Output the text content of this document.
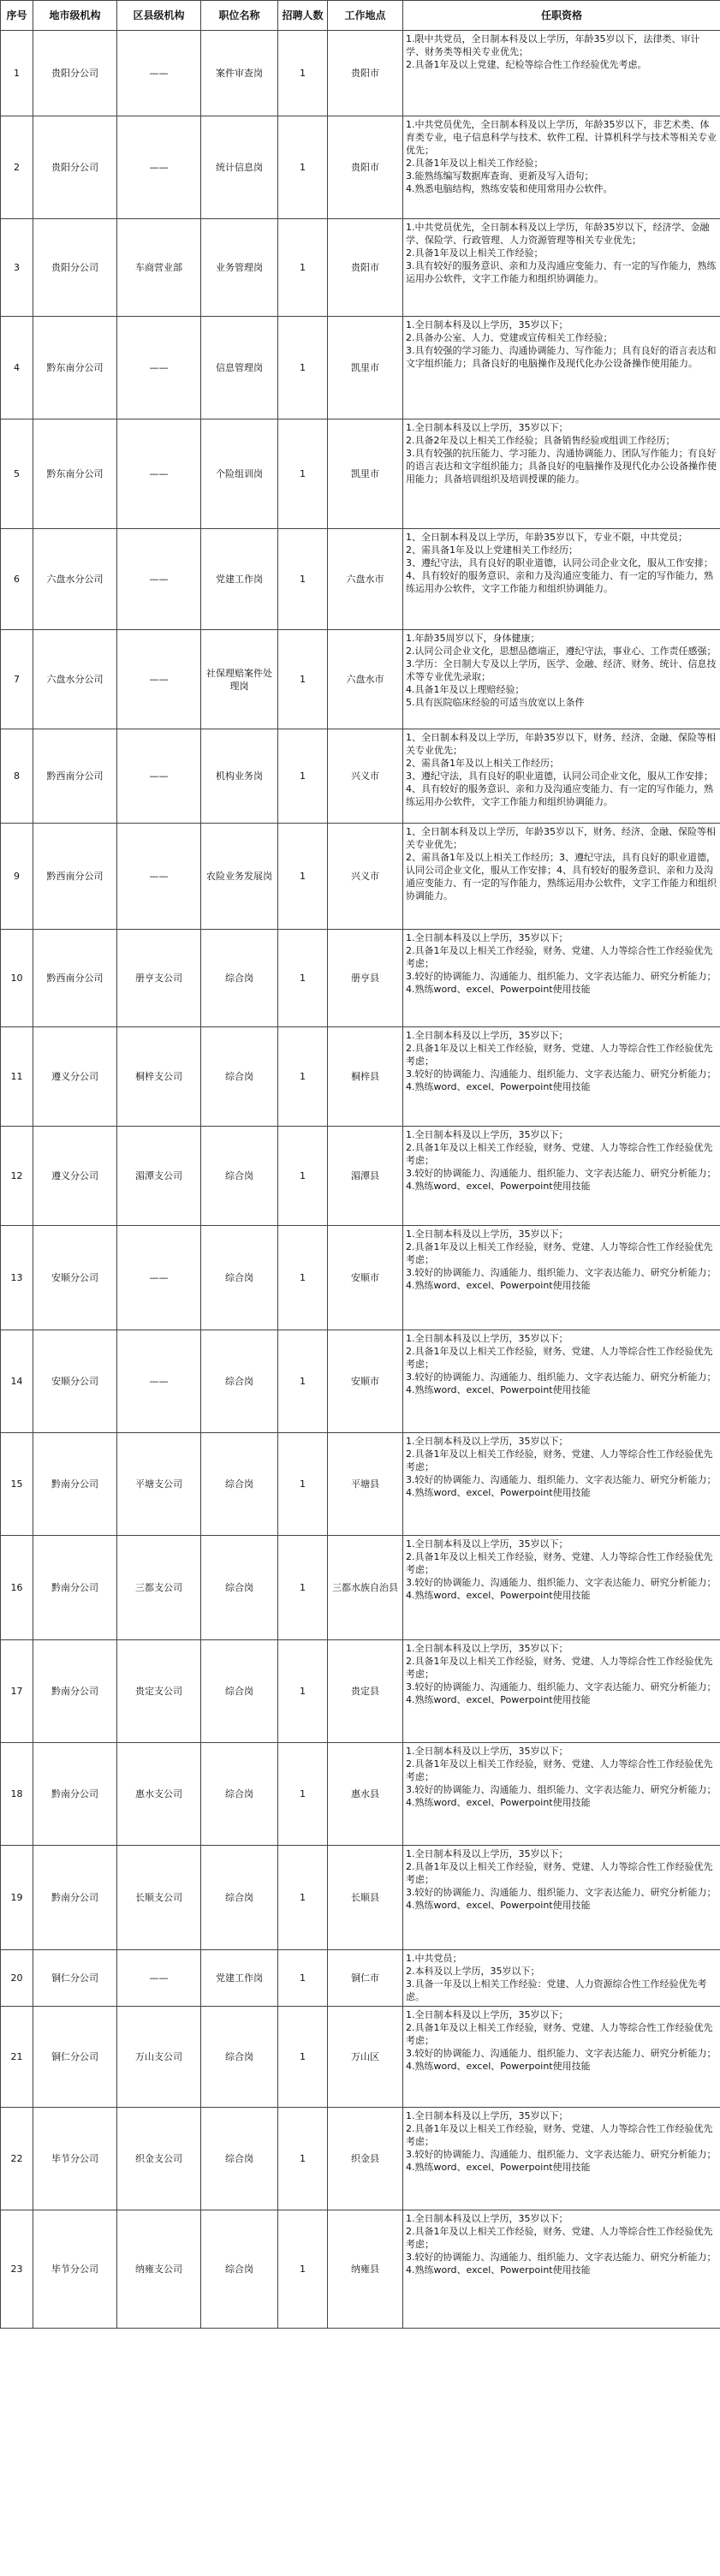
序号	地市级机构	区县级机构	职位名称	招聘人数	工作地点	任职资格
1	贵阳分公司	——	案件审查岗	1	贵阳市	1.限中共党员，全日制本科及以上学历，年龄35岁以下，法律类、审计学、财务类等相关专业优先；
2.具备1年及以上党建、纪检等综合性工作经验优先考虑。

2	贵阳分公司	——	统计信息岗	1	贵阳市	1.中共党员优先，全日制本科及以上学历，年龄35岁以下，非艺术类、体育类专业，电子信息科学与技术、软件工程、计算机科学与技术等相关专业优先；
2.具备1年及以上相关工作经验；
3.能熟练编写数据库查询、更新及写入语句；
4.熟悉电脑结构，熟练安装和使用常用办公软件。

3	贵阳分公司	车商营业部	业务管理岗	1	贵阳市	1.中共党员优先，全日制本科及以上学历，年龄35岁以下，经济学、金融学、保险学、行政管理、人力资源管理等相关专业优先；
2.具备1年及以上相关工作经验；
3.具有较好的服务意识、亲和力及沟通应变能力、有一定的写作能力，熟练运用办公软件，文字工作能力和组织协调能力。

4	黔东南分公司	——	信息管理岗	1	凯里市	1.全日制本科及以上学历，35岁以下；
2.具备办公室、人力、党建或宣传相关工作经验；
3.具有较强的学习能力、沟通协调能力、写作能力；具有良好的语言表达和文字组织能力；具备良好的电脑操作及现代化办公设备操作使用能力。

5	黔东南分公司	——	个险组训岗	1	凯里市	1.全日制本科及以上学历，35岁以下；
2.具备2年及以上相关工作经验；具备销售经验或组训工作经历；
3.具有较强的抗压能力、学习能力、沟通协调能力、团队写作能力；有良好的语言表达和文字组织能力；具备良好的电脑操作及现代化办公设备操作使用能力；具备培训组织及培训授课的能力。

6	六盘水分公司	——	党建工作岗	1	六盘水市	1、全日制本科及以上学历，年龄35岁以下，专业不限，中共党员；
2、需具备1年及以上党建相关工作经历；
3、遵纪守法，具有良好的职业道德，认同公司企业文化，服从工作安排；
4、具有较好的服务意识、亲和力及沟通应变能力、有一定的写作能力，熟练运用办公软件，文字工作能力和组织协调能力。

7	六盘水分公司	——	社保理赔案件处理岗	1	六盘水市	1.年龄35周岁以下，身体健康；
2.认同公司企业文化，思想品德端正，遵纪守法，事业心、工作责任感强；
3.学历：全日制大专及以上学历，医学、金融、经济、财务、统计、信息技术等专业优先录取；
4.具备1年及以上理赔经验；
5.具有医院临床经验的可适当放宽以上条件

8	黔西南分公司	——	机构业务岗	1	兴义市	1、全日制本科及以上学历，年龄35岁以下，财务、经济、金融、保险等相关专业优先；
2、需具备1年及以上相关工作经历；
3、遵纪守法，具有良好的职业道德，认同公司企业文化，服从工作安排；
4、具有较好的服务意识、亲和力及沟通应变能力、有一定的写作能力，熟练运用办公软件，文字工作能力和组织协调能力。

9	黔西南分公司	——	农险业务发展岗	1	兴义市	1、全日制本科及以上学历，年龄35岁以下，财务、经济、金融、保险等相关专业优先；
2、需具备1年及以上相关工作经历；3、遵纪守法，具有良好的职业道德，认同公司企业文化，服从工作安排；4、具有较好的服务意识、亲和力及沟通应变能力、有一定的写作能力，熟练运用办公软件，文字工作能力和组织协调能力。

10	黔西南分公司	册亨支公司	综合岗	1	册亨县	1.全日制本科及以上学历，35岁以下；
2.具备1年及以上相关工作经验，财务、党建、人力等综合性工作经验优先考虑；
3.较好的协调能力、沟通能力、组织能力、文字表达能力、研究分析能力；
4.熟练word、excel、Powerpoint使用技能

11	遵义分公司	桐梓支公司	综合岗	1	桐梓县	1.全日制本科及以上学历，35岁以下；
2.具备1年及以上相关工作经验，财务、党建、人力等综合性工作经验优先考虑；
3.较好的协调能力、沟通能力、组织能力、文字表达能力、研究分析能力；
4.熟练word、excel、Powerpoint使用技能

12	遵义分公司	湄潭支公司	综合岗	1	湄潭县	1.全日制本科及以上学历，35岁以下；
2.具备1年及以上相关工作经验，财务、党建、人力等综合性工作经验优先考虑；
3.较好的协调能力、沟通能力、组织能力、文字表达能力、研究分析能力；
4.熟练word、excel、Powerpoint使用技能

13	安顺分公司	——	综合岗	1	安顺市	1.全日制本科及以上学历，35岁以下；
2.具备1年及以上相关工作经验，财务、党建、人力等综合性工作经验优先考虑；
3.较好的协调能力、沟通能力、组织能力、文字表达能力、研究分析能力；
4.熟练word、excel、Powerpoint使用技能

14	安顺分公司	——	综合岗	1	安顺市	1.全日制本科及以上学历，35岁以下；
2.具备1年及以上相关工作经验，财务、党建、人力等综合性工作经验优先考虑；
3.较好的协调能力、沟通能力、组织能力、文字表达能力、研究分析能力；
4.熟练word、excel、Powerpoint使用技能

15	黔南分公司	平塘支公司	综合岗	1	平塘县	1.全日制本科及以上学历，35岁以下；
2.具备1年及以上相关工作经验，财务、党建、人力等综合性工作经验优先考虑；
3.较好的协调能力、沟通能力、组织能力、文字表达能力、研究分析能力；
4.熟练word、excel、Powerpoint使用技能

16	黔南分公司	三都支公司	综合岗	1	三都水族自治县	1.全日制本科及以上学历，35岁以下；
2.具备1年及以上相关工作经验，财务、党建、人力等综合性工作经验优先考虑；
3.较好的协调能力、沟通能力、组织能力、文字表达能力、研究分析能力；
4.熟练word、excel、Powerpoint使用技能

17	黔南分公司	贵定支公司	综合岗	1	贵定县	1.全日制本科及以上学历，35岁以下；
2.具备1年及以上相关工作经验，财务、党建、人力等综合性工作经验优先考虑；
3.较好的协调能力、沟通能力、组织能力、文字表达能力、研究分析能力；
4.熟练word、excel、Powerpoint使用技能

18	黔南分公司	惠水支公司	综合岗	1	惠水县	1.全日制本科及以上学历，35岁以下；
2.具备1年及以上相关工作经验，财务、党建、人力等综合性工作经验优先考虑；
3.较好的协调能力、沟通能力、组织能力、文字表达能力、研究分析能力；
4.熟练word、excel、Powerpoint使用技能

19	黔南分公司	长顺支公司	综合岗	1	长顺县	1.全日制本科及以上学历，35岁以下；
2.具备1年及以上相关工作经验，财务、党建、人力等综合性工作经验优先考虑；
3.较好的协调能力、沟通能力、组织能力、文字表达能力、研究分析能力；
4.熟练word、excel、Powerpoint使用技能

20	铜仁分公司	——	党建工作岗	1	铜仁市	1.中共党员；
2.本科及以上学历，35岁以下；
3.具备一年及以上相关工作经验：党建、人力资源综合性工作经验优先考虑。

21	铜仁分公司	万山支公司	综合岗	1	万山区	1.全日制本科及以上学历，35岁以下；
2.具备1年及以上相关工作经验，财务、党建、人力等综合性工作经验优先考虑；
3.较好的协调能力、沟通能力、组织能力、文字表达能力、研究分析能力；
4.熟练word、excel、Powerpoint使用技能

22	毕节分公司	织金支公司	综合岗	1	织金县	1.全日制本科及以上学历，35岁以下；
2.具备1年及以上相关工作经验，财务、党建、人力等综合性工作经验优先考虑；
3.较好的协调能力、沟通能力、组织能力、文字表达能力、研究分析能力；
4.熟练word、excel、Powerpoint使用技能

23	毕节分公司	纳雍支公司	综合岗	1	纳雍县	1.全日制本科及以上学历，35岁以下；
2.具备1年及以上相关工作经验，财务、党建、人力等综合性工作经验优先考虑；
3.较好的协调能力、沟通能力、组织能力、文字表达能力、研究分析能力；
4.熟练word、excel、Powerpoint使用技能
